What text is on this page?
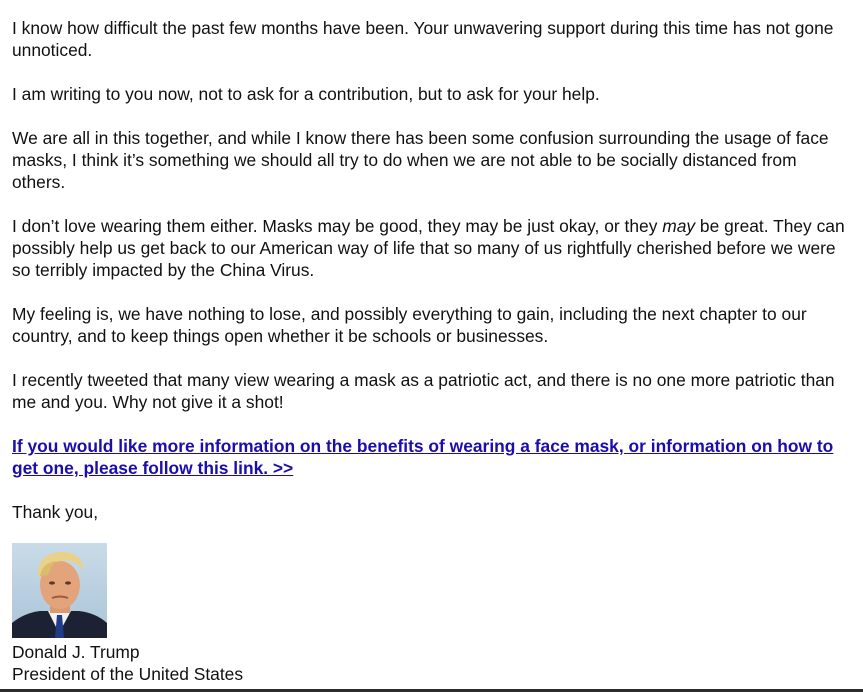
I know how difficult the past few months have been. Your unwavering support during this time has not gone unnoticed.

I am writing to you now, not to ask for a contribution, but to ask for your help.

We are all in this together, and while I know there has been some confusion surrounding the usage of face masks, I think it’s something we should all try to do when we are not able to be socially distanced from others.

I don’t love wearing them either. Masks may be good, they may be just okay, or they may be great. They can possibly help us get back to our American way of life that so many of us rightfully cherished before we were so terribly impacted by the China Virus.

My feeling is, we have nothing to lose, and possibly everything to gain, including the next chapter to our country, and to keep things open whether it be schools or businesses.

I recently tweeted that many view wearing a mask as a patriotic act, and there is no one more patriotic than me and you. Why not give it a shot!

If you would like more information on the benefits of wearing a face mask, or information on how to get one, please follow this link. >>

Thank you,

Donald J. Trump
President of the United States
